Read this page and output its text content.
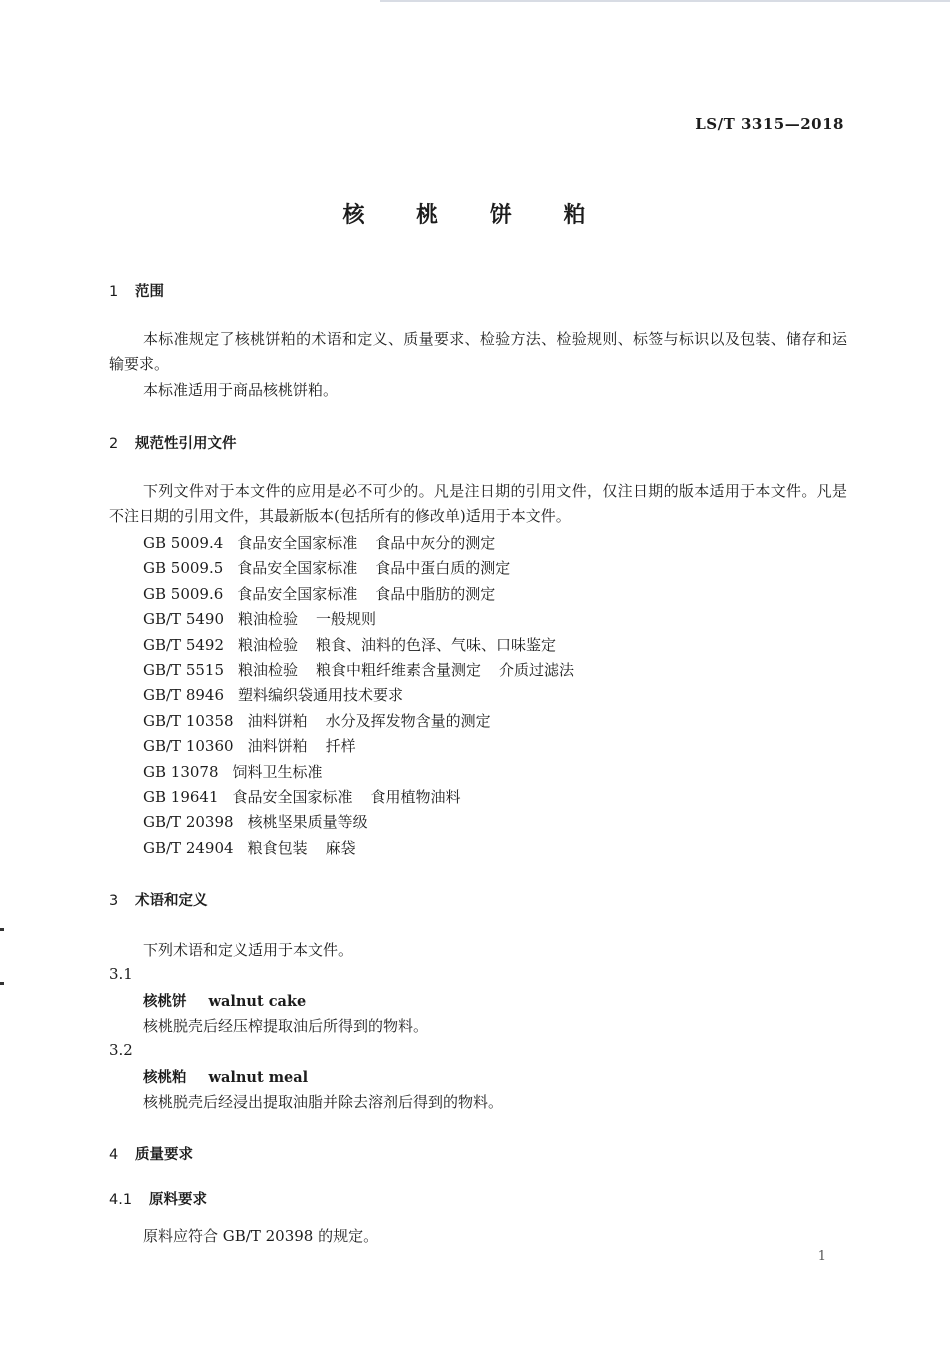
LS/T 3315—2018
核 桃 饼 粕
1 范围
本标准规定了核桃饼粕的术语和定义、质量要求、检验方法、检验规则、标签与标识以及包装、储存和运输要求。
本标准适用于商品核桃饼粕。
2 规范性引用文件
下列文件对于本文件的应用是必不可少的。凡是注日期的引用文件，仅注日期的版本适用于本文件。凡是不注日期的引用文件，其最新版本(包括所有的修改单)适用于本文件。
GB 5009.4 食品安全国家标准 食品中灰分的测定
GB 5009.5 食品安全国家标准 食品中蛋白质的测定
GB 5009.6 食品安全国家标准 食品中脂肪的测定
GB/T 5490 粮油检验 一般规则
GB/T 5492 粮油检验 粮食、油料的色泽、气味、口味鉴定
GB/T 5515 粮油检验 粮食中粗纤维素含量测定 介质过滤法
GB/T 8946 塑料编织袋通用技术要求
GB/T 10358 油料饼粕 水分及挥发物含量的测定
GB/T 10360 油料饼粕 扦样
GB 13078 饲料卫生标准
GB 19641 食品安全国家标准 食用植物油料
GB/T 20398 核桃坚果质量等级
GB/T 24904 粮食包装 麻袋
3 术语和定义
下列术语和定义适用于本文件。
3.1
核桃饼 walnut cake
核桃脱壳后经压榨提取油后所得到的物料。
3.2
核桃粕 walnut meal
核桃脱壳后经浸出提取油脂并除去溶剂后得到的物料。
4 质量要求
4.1 原料要求
原料应符合 GB/T 20398 的规定。
1
